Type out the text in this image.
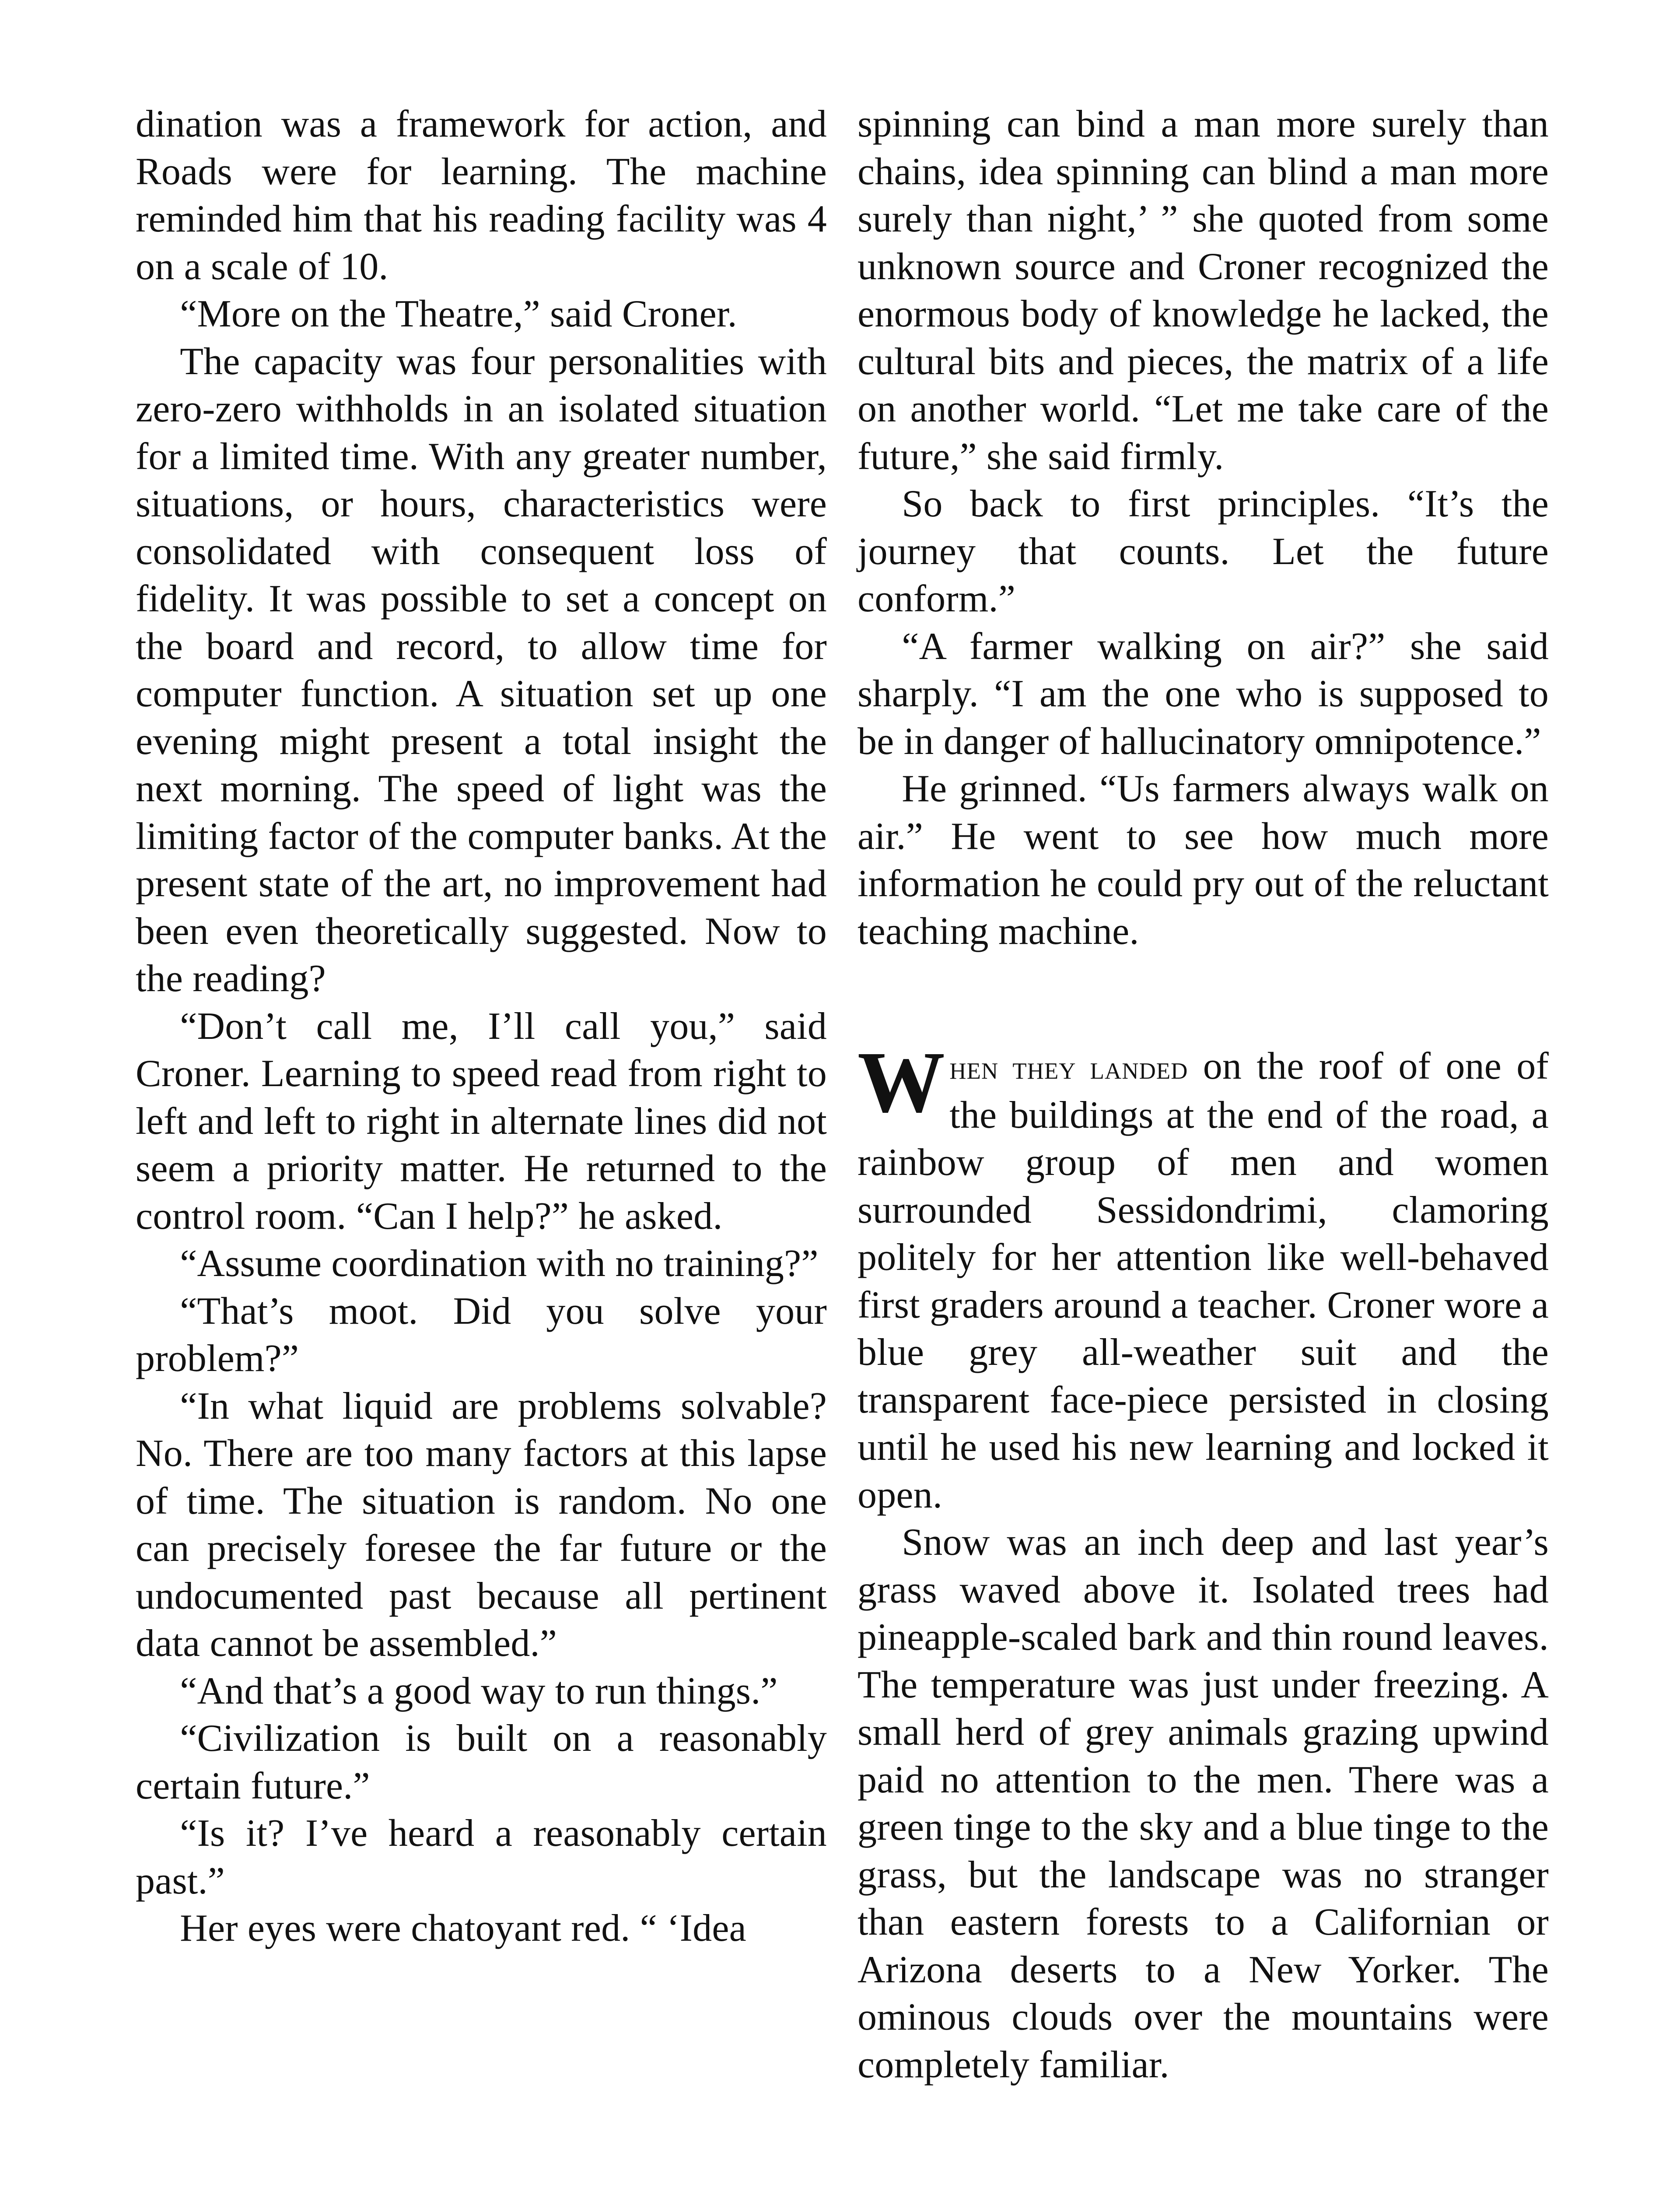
dination was a framework for action, and Roads were for learning. The machine reminded him that his reading facility was 4 on a scale of 10.

“More on the Theatre,” said Croner.

The capacity was four personalities with zero-zero withholds in an isolated situation for a limited time. With any greater number, situations, or hours, characteristics were consolidated with consequent loss of fidelity. It was possible to set a concept on the board and record, to allow time for computer function. A situation set up one evening might present a total insight the next morning. The speed of light was the limiting factor of the computer banks. At the present state of the art, no improvement had been even theoretically suggested. Now to the reading?

“Don’t call me, I’ll call you,” said Croner. Learning to speed read from right to left and left to right in alternate lines did not seem a priority matter. He returned to the control room. “Can I help?” he asked.

“Assume coordination with no training?”

“That’s moot. Did you solve your problem?”

“In what liquid are problems solvable? No. There are too many factors at this lapse of time. The situation is random. No one can precisely foresee the far future or the undocumented past because all pertinent data cannot be assembled.”

“And that’s a good way to run things.”

“Civilization is built on a reasonably certain future.”

“Is it? I’ve heard a reasonably certain past.”

Her eyes were chatoyant red. “ ‘Idea

spinning can bind a man more surely than chains, idea spinning can blind a man more surely than night,’ ” she quoted from some unknown source and Croner recognized the enormous body of knowledge he lacked, the cultural bits and pieces, the matrix of a life on another world. “Let me take care of the future,” she said firmly.

So back to first principles. “It’s the journey that counts. Let the future conform.”

“A farmer walking on air?” she said sharply. “I am the one who is supposed to be in danger of hallucinatory omnipotence.”

He grinned. “Us farmers always walk on air.” He went to see how much more information he could pry out of the reluctant teaching machine.

When they landed on the roof of one of the buildings at the end of the road, a rainbow group of men and women surrounded Sessidondrimi, clamoring politely for her attention like well-behaved first graders around a teacher. Croner wore a blue grey all-weather suit and the transparent face-piece persisted in closing until he used his new learning and locked it open.

Snow was an inch deep and last year’s grass waved above it. Isolated trees had pineapple-scaled bark and thin round leaves. The temperature was just under freezing. A small herd of grey animals grazing upwind paid no attention to the men. There was a green tinge to the sky and a blue tinge to the grass, but the landscape was no stranger than eastern forests to a Californian or Arizona deserts to a New Yorker. The ominous clouds over the mountains were completely familiar.
